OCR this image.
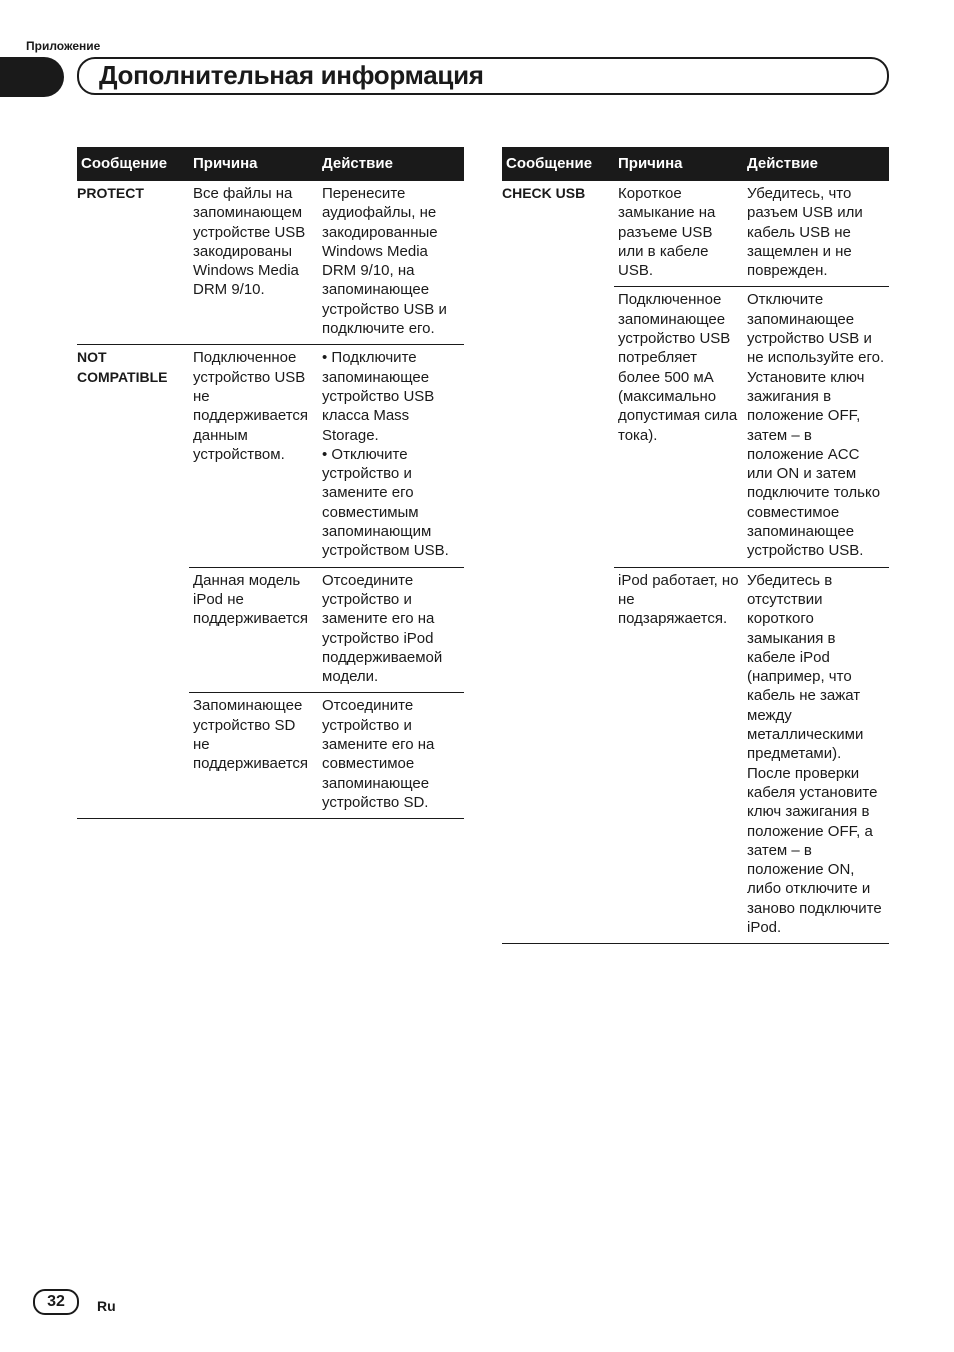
Приложение
Дополнительная информация
Сообщение	Причина	Действие
PROTECT	Все файлы на запоминающем устройстве USB закодированы Windows Media DRM 9/10.	Перенесите аудиофайлы, не закодированные Windows Media DRM 9/10, на запоминающее устройство USB и подключите его.
NOT COMPATIBLE	Подключенное устройство USB не поддерживается данным устройством.	• Подключите запоминающее устройство USB класса Mass Storage.
• Отключите устройство и замените его совместимым запоминающим устройством USB.
	Данная модель iPod не поддерживается	Отсоедините устройство и замените его на устройство iPod поддерживаемой модели.
	Запоминающее устройство SD не поддерживается	Отсоедините устройство и замените его на совместимое запоминающее устройство SD.
Сообщение	Причина	Действие
CHECK USB	Короткое замыкание на разъеме USB или в кабеле USB.	Убедитесь, что разъем USB или кабель USB не защемлен и не поврежден.
	Подключенное запоминающее устройство USB потребляет более 500 мА (максимально допустимая сила тока).	Отключите запоминающее устройство USB и не используйте его. Установите ключ зажигания в положение OFF, затем – в положение ACC или ON и затем подключите только совместимое запоминающее устройство USB.
	iPod работает, но не подзаряжается.	Убедитесь в отсутствии короткого замыкания в кабеле iPod (например, что кабель не зажат между металлическими предметами). После проверки кабеля установите ключ зажигания в положение OFF, а затем – в положение ON, либо отключите и заново подключите iPod.
32	Ru
